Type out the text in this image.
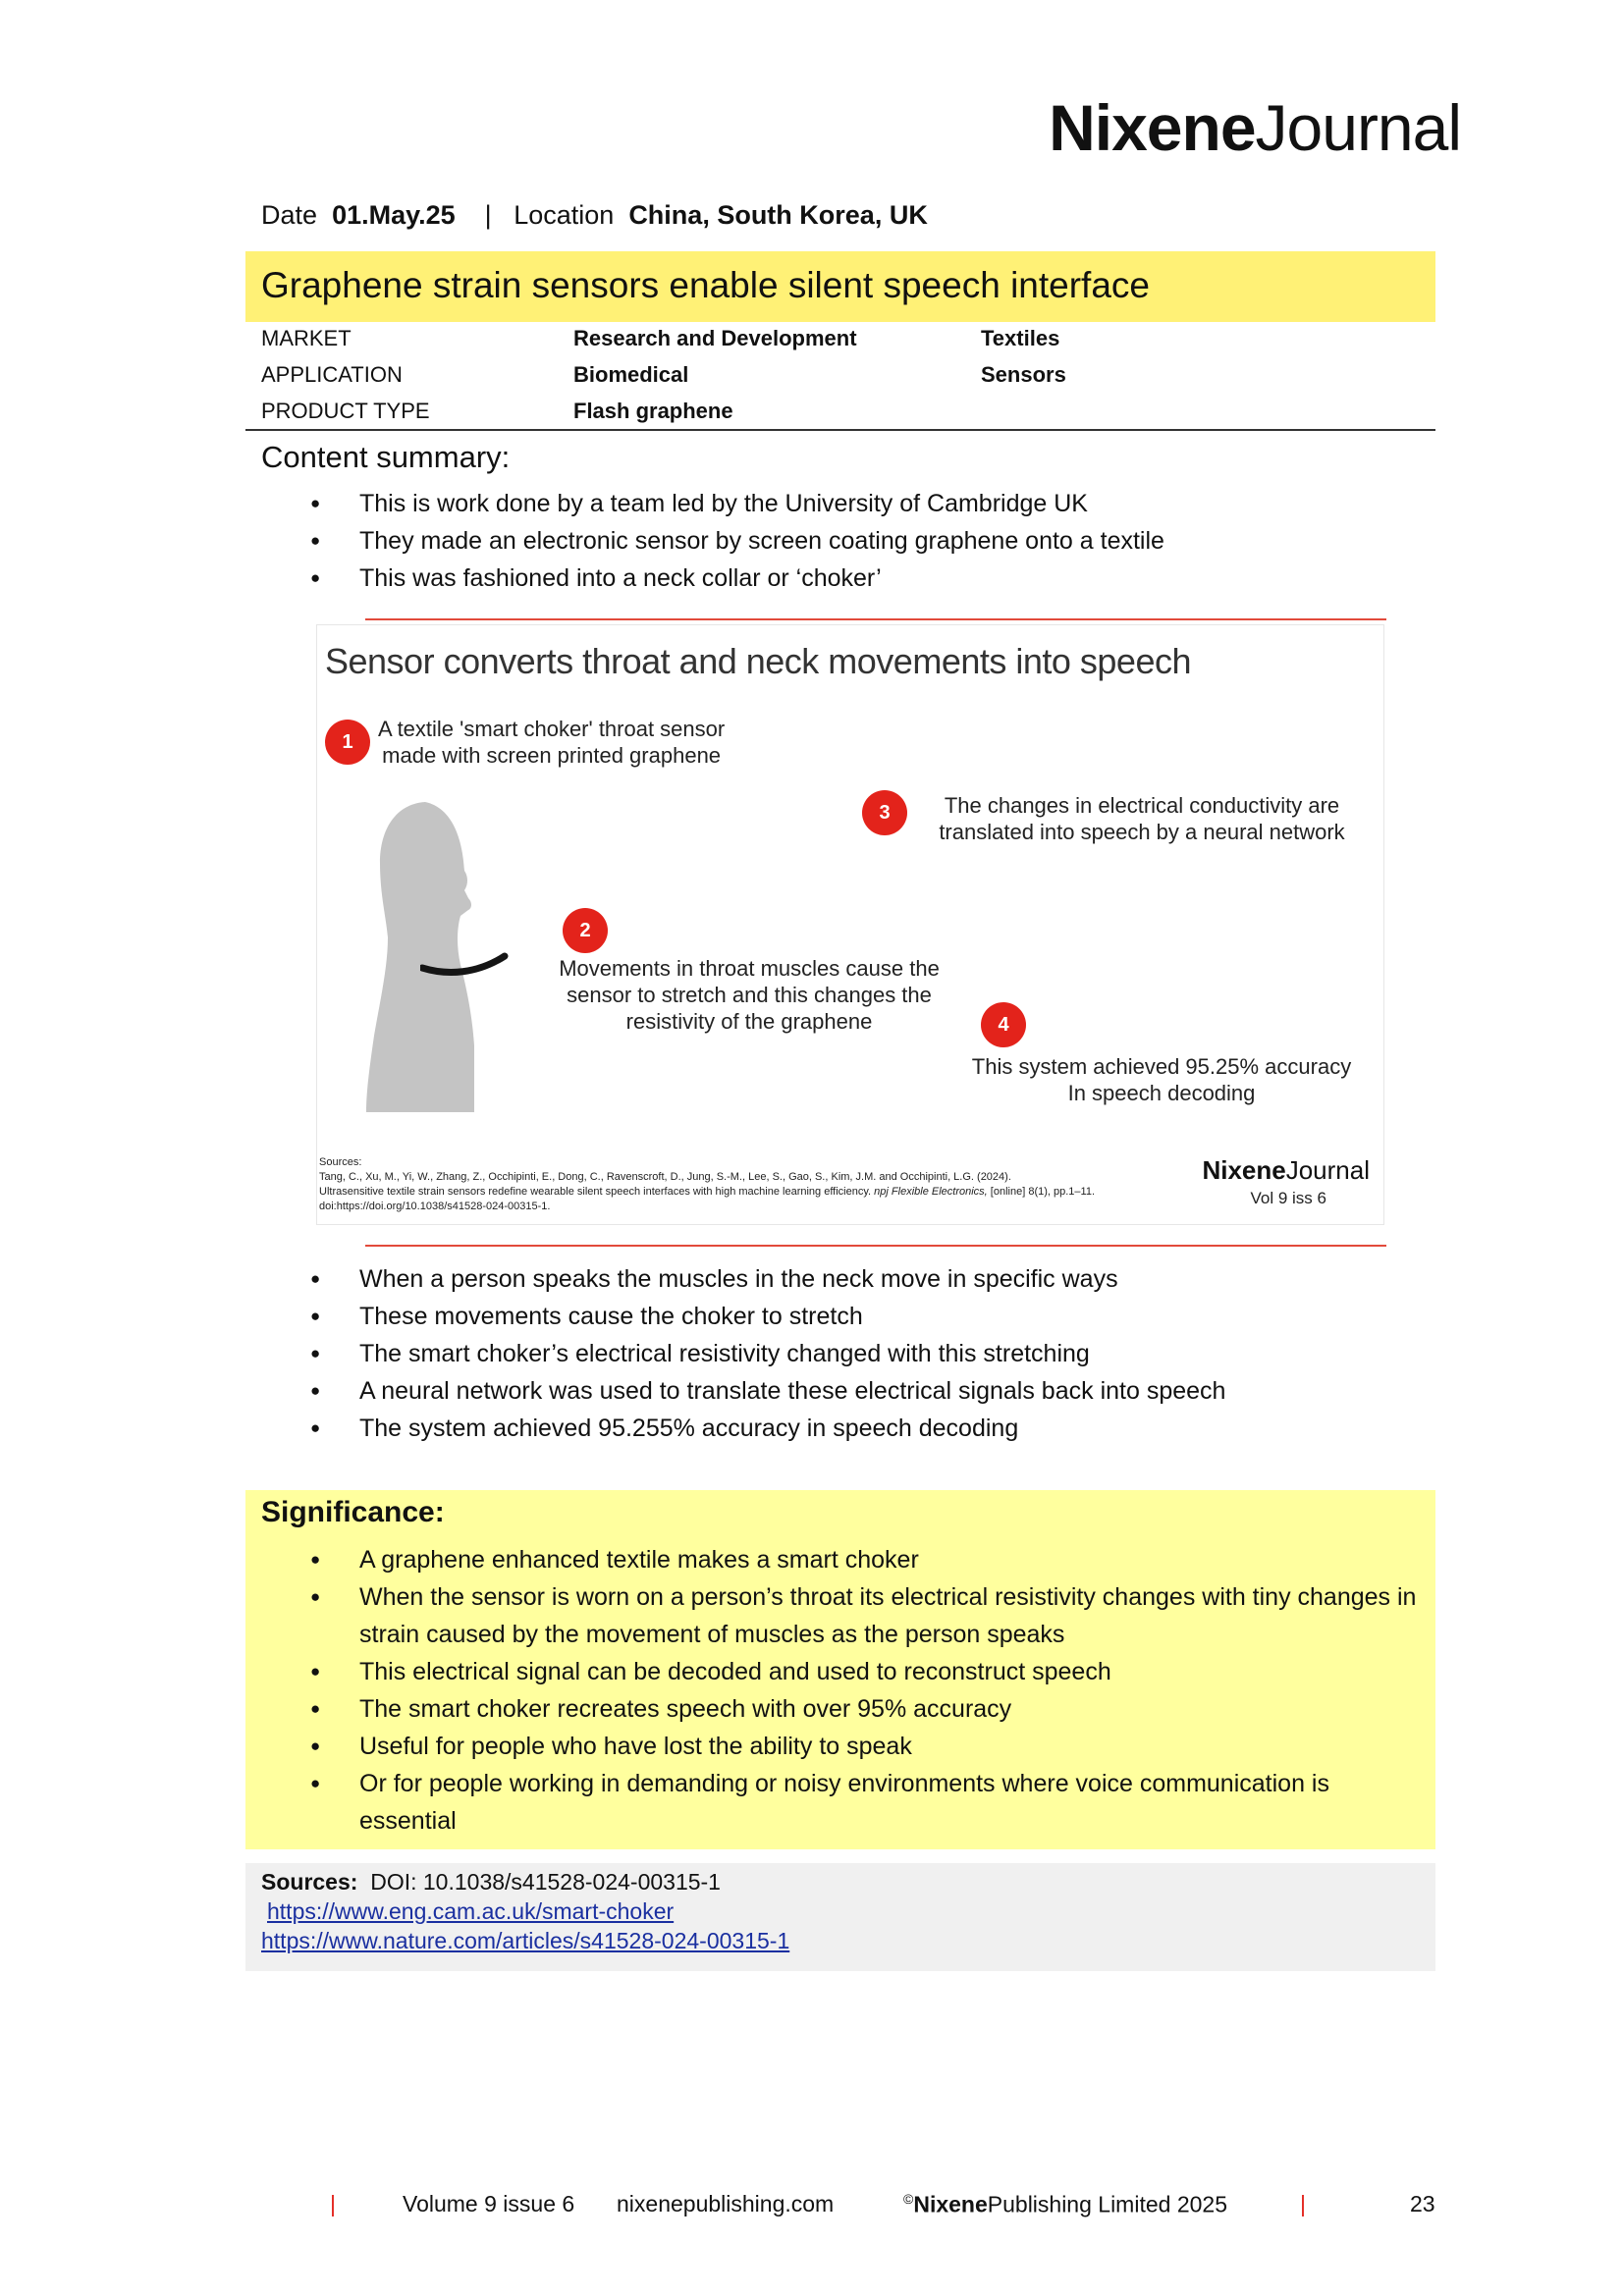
NixeneJournal
Date 01.May.25 | Location China, South Korea, UK
Graphene strain sensors enable silent speech interface
MARKET	Research and Development	Textiles
APPLICATION	Biomedical	Sensors
PRODUCT TYPE	Flash graphene
Content summary:
● This is work done by a team led by the University of Cambridge UK
● They made an electronic sensor by screen coating graphene onto a textile
● This was fashioned into a neck collar or ‘choker’
Sensor converts throat and neck movements into speech
1
A textile 'smart choker' throat sensor
made with screen printed graphene
2
Movements in throat muscles cause the
sensor to stretch and this changes the
resistivity of the graphene
3	The changes in electrical conductivity are
translated into speech by a neural network
4
This system achieved 95.25% accuracy
In speech decoding
Sources:
Tang, C., Xu, M., Yi, W., Zhang, Z., Occhipinti, E., Dong, C., Ravenscroft, D., Jung, S.-M., Lee, S., Gao, S., Kim, J.M. and Occhipinti, L.G. (2024).
Ultrasensitive textile strain sensors redefine wearable silent speech interfaces with high machine learning efficiency. npj Flexible Electronics, [online] 8(1), pp.1–11. doi:https://doi.org/10.1038/s41528-024-00315-1.
NixeneJournal
Vol 9 iss 6
● When a person speaks the muscles in the neck move in specific ways
● These movements cause the choker to stretch
● The smart choker’s electrical resistivity changed with this stretching
● A neural network was used to translate these electrical signals back into speech
● The system achieved 95.255% accuracy in speech decoding
Significance:
● A graphene enhanced textile makes a smart choker
● When the sensor is worn on a person’s throat its electrical resistivity changes with tiny changes in strain caused by the movement of muscles as the person speaks
● This electrical signal can be decoded and used to reconstruct speech
● The smart choker recreates speech with over 95% accuracy
● Useful for people who have lost the ability to speak
● Or for people working in demanding or noisy environments where voice communication is essential
Sources: DOI: 10.1038/s41528-024-00315-1
https://www.eng.cam.ac.uk/smart-choker
https://www.nature.com/articles/s41528-024-00315-1
|	Volume 9 issue 6 nixenepublishing.com	©NixenePublishing Limited 2025	|	23
